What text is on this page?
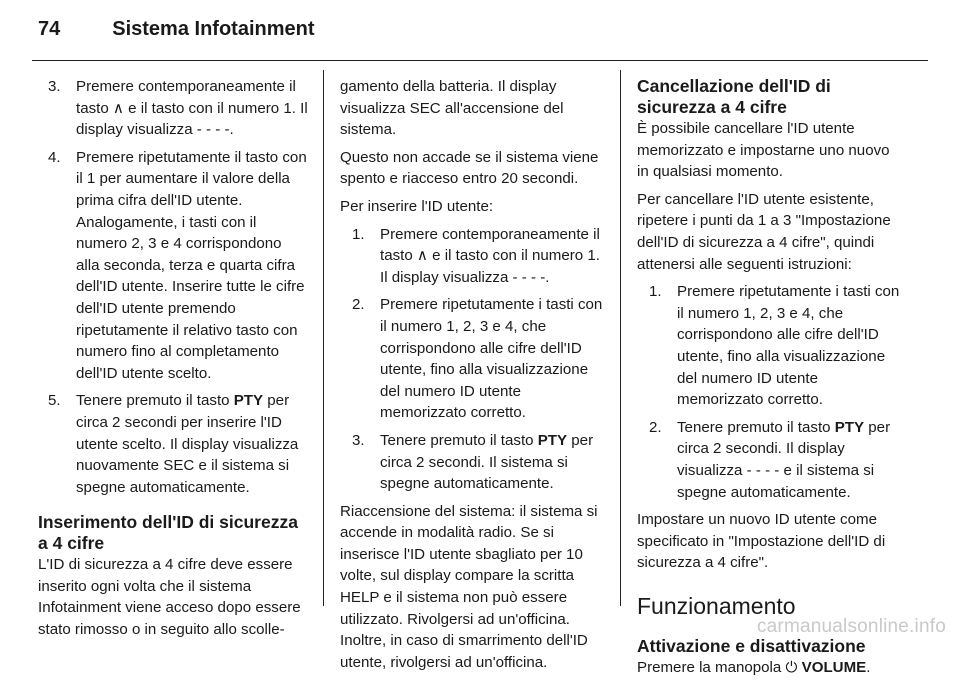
74	Sistema Infotainment
3. Premere contemporaneamente il tasto ∧ e il tasto con il numero 1. Il display visualizza - - - -.
4. Premere ripetutamente il tasto con il 1 per aumentare il valore della prima cifra dell'ID utente. Analogamente, i tasti con il numero 2, 3 e 4 corrispondono alla seconda, terza e quarta cifra dell'ID utente. Inserire tutte le cifre dell'ID utente premendo ripetutamente il relativo tasto con numero fino al completamento dell'ID utente scelto.
5. Tenere premuto il tasto PTY per circa 2 secondi per inserire l'ID utente scelto. Il display visualizza nuovamente SEC e il sistema si spegne automaticamente.
Inserimento dell'ID di sicurezza a 4 cifre

L'ID di sicurezza a 4 cifre deve essere inserito ogni volta che il sistema Infotainment viene acceso dopo essere stato rimosso o in seguito allo scolle-

gamento della batteria. Il display visualizza SEC all'accensione del sistema.

Questo non accade se il sistema viene spento e riacceso entro 20 secondi.

Per inserire l'ID utente:

1. Premere contemporaneamente il tasto ∧ e il tasto con il numero 1. Il display visualizza - - - -.
2. Premere ripetutamente i tasti con il numero 1, 2, 3 e 4, che corrispondono alle cifre dell'ID utente, fino alla visualizzazione del numero ID utente memorizzato corretto.
3. Tenere premuto il tasto PTY per circa 2 secondi. Il sistema si spegne automaticamente.

Riaccensione del sistema: il sistema si accende in modalità radio. Se si inserisce l'ID utente sbagliato per 10 volte, sul display compare la scritta HELP e il sistema non può essere utilizzato. Rivolgersi ad un'officina. Inoltre, in caso di smarrimento dell'ID utente, rivolgersi ad un'officina.

Cancellazione dell'ID di sicurezza a 4 cifre

È possibile cancellare l'ID utente memorizzato e impostarne uno nuovo in qualsiasi momento.

Per cancellare l'ID utente esistente, ripetere i punti da 1 a 3 "Impostazione dell'ID di sicurezza a 4 cifre", quindi attenersi alle seguenti istruzioni:

1. Premere ripetutamente i tasti con il numero 1, 2, 3 e 4, che corrispondono alle cifre dell'ID utente, fino alla visualizzazione del numero ID utente memorizzato corretto.
2. Tenere premuto il tasto PTY per circa 2 secondi. Il display visualizza - - - - e il sistema si spegne automaticamente.

Impostare un nuovo ID utente come specificato in "Impostazione dell'ID di sicurezza a 4 cifre".

Funzionamento
Attivazione e disattivazione

Premere la manopola ⏻ VOLUME.

carmanualsonline.info
